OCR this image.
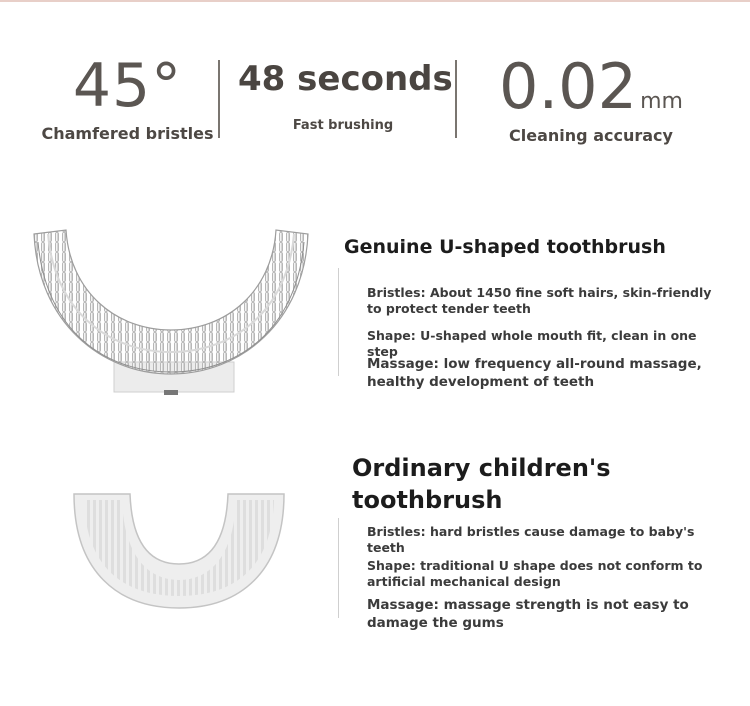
45°
Chamfered bristles
48 seconds
Fast brushing
0.02 mm
Cleaning accuracy
Genuine U-shaped toothbrush
Bristles: About 1450 fine soft hairs, skin-friendly to protect tender teeth
Shape: U-shaped whole mouth fit, clean in one step
Massage: low frequency all-round massage, healthy development of teeth
Ordinary children's toothbrush
Bristles: hard bristles cause damage to baby's teeth
Shape: traditional U shape does not conform to artificial mechanical design
Massage: massage strength is not easy to damage the gums
